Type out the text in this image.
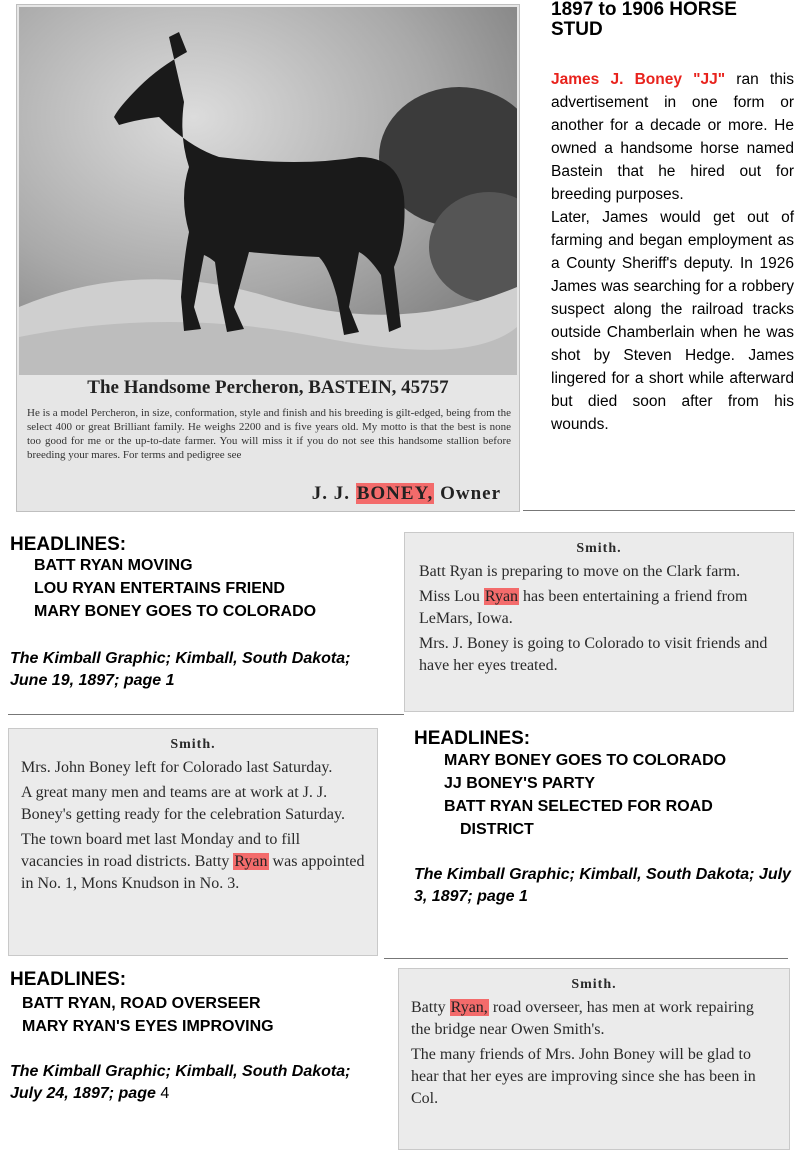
The Handsome Percheron, BASTEIN, 45757
He is a model Percheron, in size, conformation, style and finish and his breeding is gilt-edged, being from the select 400 or great Brilliant family. He weighs 2200 and is five years old. My motto is that the best is none too good for me or the up-to-date farmer. You will miss it if you do not see this handsome stallion before breeding your mares. For terms and pedigree see
J. J. BONEY, Owner
1897 to 1906 HORSE STUD
James J. Boney "JJ" ran this advertisement in one form or another for a decade or more. He owned a handsome horse named Bastein that he hired out for breeding purposes.
Later, James would get out of farming and began employment as a County Sheriff's deputy. In 1926 James was searching for a robbery suspect along the railroad tracks outside Chamberlain when he was shot by Steven Hedge. James lingered for a short while afterward but died soon after from his wounds.
HEADLINES:
BATT RYAN MOVING
LOU RYAN ENTERTAINS FRIEND
MARY BONEY GOES TO COLORADO
The Kimball Graphic; Kimball, South Dakota; June 19, 1897; page 1
Smith.

Batt Ryan is preparing to move on the Clark farm.

Miss Lou Ryan has been entertaining a friend from LeMars, Iowa.

Mrs. J. Boney is going to Colorado to visit friends and have her eyes treated.

Smith.

Mrs. John Boney left for Colorado last Saturday.

A great many men and teams are at work at J. J. Boney's getting ready for the celebration Saturday.

The town board met last Monday and to fill vacancies in road districts. Batty Ryan was appointed in No. 1, Mons Knudson in No. 3.

HEADLINES:
MARY BONEY GOES TO COLORADO
JJ BONEY'S PARTY
BATT RYAN SELECTED FOR ROAD
DISTRICT
The Kimball Graphic; Kimball, South Dakota; July 3, 1897; page 1
HEADLINES:
BATT RYAN, ROAD OVERSEER
MARY RYAN'S EYES IMPROVING
The Kimball Graphic; Kimball, South Dakota; July 24, 1897; page 4
Smith.

Batty Ryan, road overseer, has men at work repairing the bridge near Owen Smith's.

The many friends of Mrs. John Boney will be glad to hear that her eyes are improving since she has been in Col.
